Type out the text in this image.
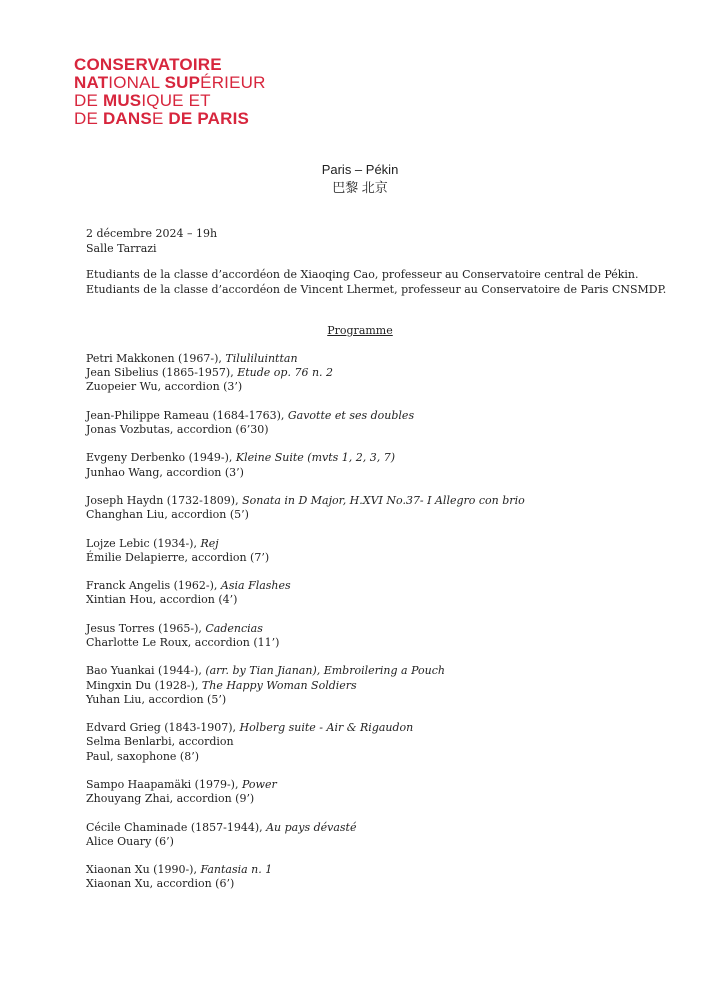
CONSERVATOIRE
NATIONAL SUPÉRIEUR
DE MUSIQUE ET
DE DANSE DE PARIS
Paris – Pékin
巴黎 北京

2 décembre 2024 – 19h

Salle Tarrazi

Etudiants de la classe d’accordéon de Xiaoqing Cao, professeur au Conservatoire central de Pékin.

Etudiants de la classe d’accordéon de Vincent Lhermet, professeur au Conservatoire de Paris CNSMDP.

Programme

Petri Makkonen (1967-), Tiluliluinttan

Jean Sibelius (1865-1957), Etude op. 76 n. 2

Zuopeier Wu, accordion (3’)

Jean-Philippe Rameau (1684-1763), Gavotte et ses doubles

Jonas Vozbutas, accordion (6’30)

Evgeny Derbenko (1949-), Kleine Suite (mvts 1, 2, 3, 7)

Junhao Wang, accordion (3’)

Joseph Haydn (1732-1809), Sonata in D Major, H.XVI No.37- I Allegro con brio

Changhan Liu, accordion (5’)

Lojze Lebic (1934-), Rej

Émilie Delapierre, accordion (7’)

Franck Angelis (1962-), Asia Flashes

Xintian Hou, accordion (4’)

Jesus Torres (1965-), Cadencias

Charlotte Le Roux, accordion (11’)

Bao Yuankai (1944-), (arr. by Tian Jianan), Embroilering a Pouch

Mingxin Du (1928-), The Happy Woman Soldiers

Yuhan Liu, accordion (5’)

Edvard Grieg (1843-1907), Holberg suite - Air & Rigaudon

Selma Benlarbi, accordion

Paul, saxophone (8’)

Sampo Haapamäki (1979-), Power

Zhouyang Zhai, accordion (9’)

Cécile Chaminade (1857-1944), Au pays dévasté

Alice Ouary (6’)

Xiaonan Xu (1990-), Fantasia n. 1

Xiaonan Xu, accordion (6’)
